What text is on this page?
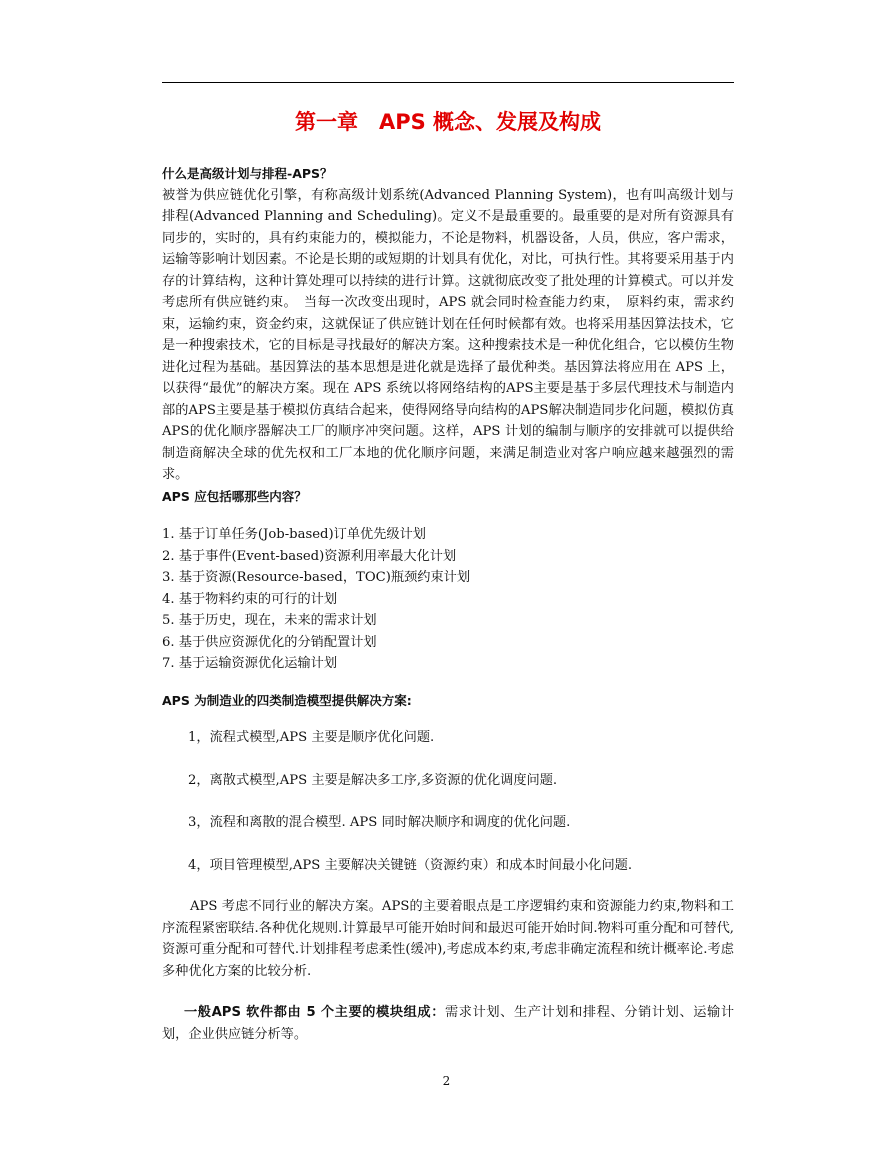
第一章　APS 概念、发展及构成

什么是高级计划与排程-APS？

被誉为供应链优化引擎，有称高级计划系统(Advanced Planning System)，也有叫高级计划与排程(Advanced Planning and Scheduling)。定义不是最重要的。最重要的是对所有资源具有同步的，实时的，具有约束能力的，模拟能力，不论是物料，机器设备，人员，供应，客户需求，运输等影响计划因素。不论是长期的或短期的计划具有优化，对比，可执行性。其将要采用基于内存的计算结构，这种计算处理可以持续的进行计算。这就彻底改变了批处理的计算模式。可以并发考虑所有供应链约束。　当每一次改变出现时，APS 就会同时检查能力约束，　原料约束，需求约束，运输约束，资金约束，这就保证了供应链计划在任何时候都有效。也将采用基因算法技术，它是一种搜索技术，它的目标是寻找最好的解决方案。这种搜索技术是一种优化组合，它以模仿生物进化过程为基础。基因算法的基本思想是进化就是选择了最优种类。基因算法将应用在 APS 上，以获得“最优”的解决方案。现在 APS 系统以将网络结构的APS主要是基于多层代理技术与制造内部的APS主要是基于模拟仿真结合起来，使得网络导向结构的APS解决制造同步化问题，模拟仿真APS的优化顺序器解决工厂的顺序冲突问题。这样，APS 计划的编制与顺序的安排就可以提供给制造商解决全球的优先权和工厂本地的优化顺序问题，来满足制造业对客户响应越来越强烈的需求。

APS 应包括哪那些内容？

1. 基于订单任务(Job-based)订单优先级计划
2. 基于事件(Event-based)资源利用率最大化计划
3. 基于资源(Resource-based，TOC)瓶颈约束计划
4. 基于物料约束的可行的计划
5. 基于历史，现在，未来的需求计划
6. 基于供应资源优化的分销配置计划
7. 基于运输资源优化运输计划

APS 为制造业的四类制造模型提供解决方案:

1，流程式模型,APS 主要是顺序优化问题.

2，离散式模型,APS 主要是解决多工序,多资源的优化调度问题.

3，流程和离散的混合模型. APS 同时解决顺序和调度的优化问题.

4，项目管理模型,APS 主要解决关键链（资源约束）和成本时间最小化问题.

APS 考虑不同行业的解决方案。APS的主要着眼点是工序逻辑约束和资源能力约束,物料和工序流程紧密联结.各种优化规则.计算最早可能开始时间和最迟可能开始时间.物料可重分配和可替代,资源可重分配和可替代.计划排程考虑柔性(缓冲),考虑成本约束,考虑非确定流程和统计概率论.考虑多种优化方案的比较分析.

一般APS 软件都由 5 个主要的模块组成：需求计划、生产计划和排程、分销计划、运输计划，企业供应链分析等。

2
